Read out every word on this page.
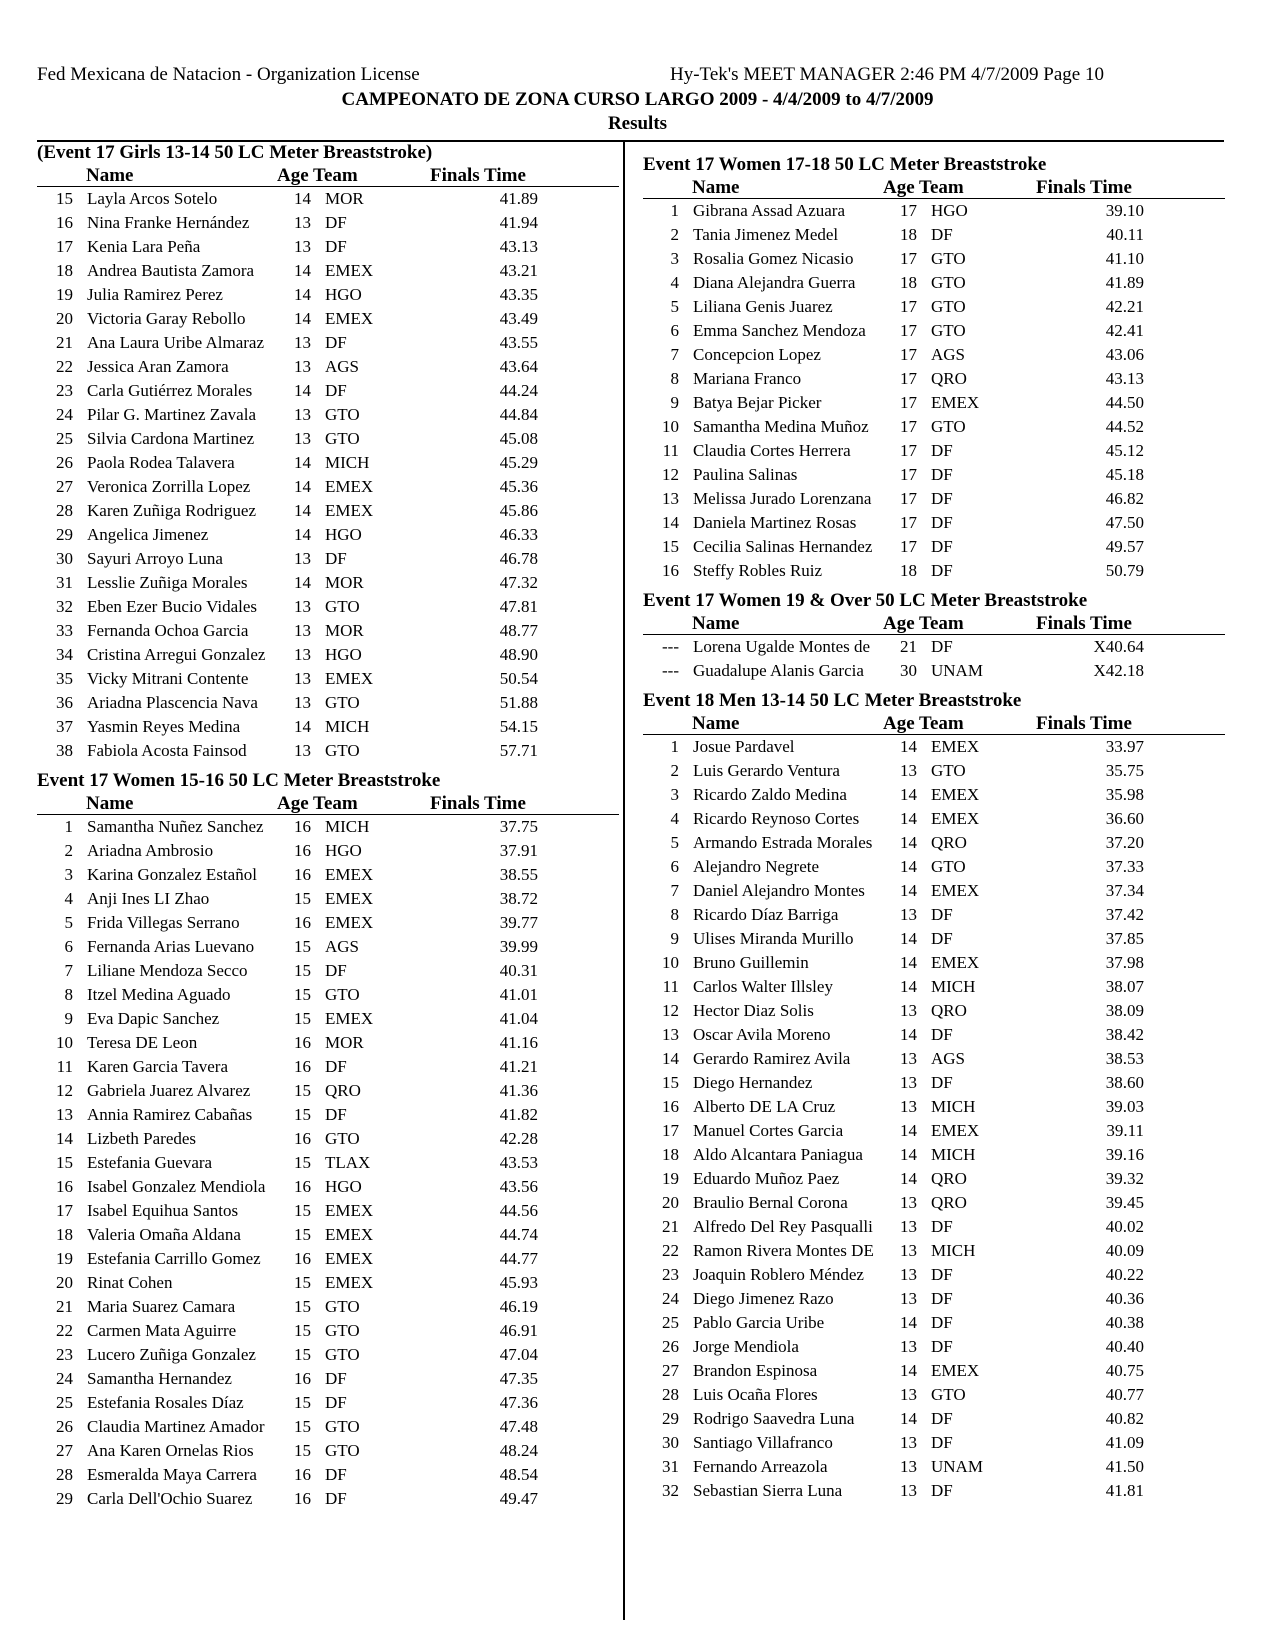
Fed Mexicana de Natacion - Organization License	Hy-Tek's MEET MANAGER 2:46 PM 4/7/2009 Page 10
CAMPEONATO DE ZONA CURSO LARGO 2009 - 4/4/2009 to 4/7/2009
Results
(Event 17 Girls 13-14 50 LC Meter Breaststroke)
Name	Age Team	Finals Time
15 Layla Arcos Sotelo	14 MOR	41.89
16 Nina Franke Hernández	13 DF	41.94
17 Kenia Lara Peña	13 DF	43.13
18 Andrea Bautista Zamora 14 EMEX	43.21
19 Julia Ramirez Perez	14 HGO	43.35
20 Victoria Garay Rebollo	14 EMEX	43.49
21 Ana Laura Uribe Almaraz 13 DF	43.55
22 Jessica Aran Zamora	13 AGS	43.64
23 Carla Gutiérrez Morales 14 DF	44.24
24 Pilar G. Martinez Zavala 13 GTO	44.84
25 Silvia Cardona Martinez 13 GTO	45.08
26 Paola Rodea Talavera	14 MICH	45.29
27 Veronica Zorrilla Lopez	14 EMEX	45.36
28 Karen Zuñiga Rodriguez 14 EMEX	45.86
29 Angelica Jimenez	14 HGO	46.33
30 Sayuri Arroyo Luna	13 DF	46.78
31 Lesslie Zuñiga Morales	14 MOR	47.32
32 Eben Ezer Bucio Vidales 13 GTO	47.81
33 Fernanda Ochoa Garcia	13 MOR	48.77
34 Cristina Arregui Gonzalez 13 HGO	48.90
35 Vicky Mitrani Contente	13 EMEX	50.54
36 Ariadna Plascencia Nava 13 GTO	51.88
37 Yasmin Reyes Medina	14 MICH	54.15
38 Fabiola Acosta Fainsod	13 GTO	57.71
Event 17 Women 15-16 50 LC Meter Breaststroke
Name	Age Team	Finals Time
1 Samantha Nuñez Sanchez 16 MICH	37.75
2 Ariadna Ambrosio	16 HGO	37.91
3 Karina Gonzalez Estañol 16 EMEX	38.55
4 Anji Ines LI Zhao	15 EMEX	38.72
5 Frida Villegas Serrano	16 EMEX	39.77
6 Fernanda Arias Luevano 15 AGS	39.99
7 Liliane Mendoza Secco	15 DF	40.31
8 Itzel Medina Aguado	15 GTO	41.01
9 Eva Dapic Sanchez	15 EMEX	41.04
10 Teresa DE Leon	16 MOR	41.16
11 Karen Garcia Tavera	16 DF	41.21
12 Gabriela Juarez Alvarez	15 QRO	41.36
13 Annia Ramirez Cabañas 15 DF	41.82
14 Lizbeth Paredes	16 GTO	42.28
15 Estefania Guevara	15 TLAX	43.53
16 Isabel Gonzalez Mendiola 16 HGO	43.56
17 Isabel Equihua Santos	15 EMEX	44.56
18 Valeria Omaña Aldana	15 EMEX	44.74
19 Estefania Carrillo Gomez 16 EMEX	44.77
20 Rinat Cohen	15 EMEX	45.93
21 Maria Suarez Camara	15 GTO	46.19
22 Carmen Mata Aguirre	15 GTO	46.91
23 Lucero Zuñiga Gonzalez 15 GTO	47.04
24 Samantha Hernandez	16 DF	47.35
25 Estefania Rosales Díaz	15 DF	47.36
26 Claudia Martinez Amador 15 GTO	47.48
27 Ana Karen Ornelas Rios 15 GTO	48.24
28 Esmeralda Maya Carrera 16 DF	48.54
29 Carla Dell'Ochio Suarez 16 DF	49.47
Event 17 Women 17-18 50 LC Meter Breaststroke
Name	Age Team	Finals Time
1 Gibrana Assad Azuara	17 HGO	39.10
2 Tania Jimenez Medel	18 DF	40.11
3 Rosalia Gomez Nicasio	17 GTO	41.10
4 Diana Alejandra Guerra	18 GTO	41.89
5 Liliana Genis Juarez	17 GTO	42.21
6 Emma Sanchez Mendoza 17 GTO	42.41
7 Concepcion Lopez	17 AGS	43.06
8 Mariana Franco	17 QRO	43.13
9 Batya Bejar Picker	17 EMEX	44.50
10 Samantha Medina Muñoz 17 GTO	44.52
11 Claudia Cortes Herrera	17 DF	45.12
12 Paulina Salinas	17 DF	45.18
13 Melissa Jurado Lorenzana 17 DF	46.82
14 Daniela Martinez Rosas	17 DF	47.50
15 Cecilia Salinas Hernandez 17 DF	49.57
16 Steffy Robles Ruiz	18 DF	50.79
Event 17 Women 19 & Over 50 LC Meter Breaststroke
Name	Age Team	Finals Time
--- Lorena Ugalde Montes de 21 DF	X40.64
--- Guadalupe Alanis Garcia 30 UNAM	X42.18
Event 18 Men 13-14 50 LC Meter Breaststroke
Name	Age Team	Finals Time
1 Josue Pardavel	14 EMEX	33.97
2 Luis Gerardo Ventura	13 GTO	35.75
3 Ricardo Zaldo Medina	14 EMEX	35.98
4 Ricardo Reynoso Cortes 14 EMEX	36.60
5 Armando Estrada Morales 14 QRO	37.20
6 Alejandro Negrete	14 GTO	37.33
7 Daniel Alejandro Montes 14 EMEX	37.34
8 Ricardo Díaz Barriga	13 DF	37.42
9 Ulises Miranda Murillo	14 DF	37.85
10 Bruno Guillemin	14 EMEX	37.98
11 Carlos Walter Illsley	14 MICH	38.07
12 Hector Diaz Solis	13 QRO	38.09
13 Oscar Avila Moreno	14 DF	38.42
14 Gerardo Ramirez Avila	13 AGS	38.53
15 Diego Hernandez	13 DF	38.60
16 Alberto DE LA Cruz	13 MICH	39.03
17 Manuel Cortes Garcia	14 EMEX	39.11
18 Aldo Alcantara Paniagua 14 MICH	39.16
19 Eduardo Muñoz Paez	14 QRO	39.32
20 Braulio Bernal Corona	13 QRO	39.45
21 Alfredo Del Rey Pasqualli 13 DF	40.02
22 Ramon Rivera Montes DE 13 MICH	40.09
23 Joaquin Roblero Méndez 13 DF	40.22
24 Diego Jimenez Razo	13 DF	40.36
25 Pablo Garcia Uribe	14 DF	40.38
26 Jorge Mendiola	13 DF	40.40
27 Brandon Espinosa	14 EMEX	40.75
28 Luis Ocaña Flores	13 GTO	40.77
29 Rodrigo Saavedra Luna	14 DF	40.82
30 Santiago Villafranco	13 DF	41.09
31 Fernando Arreazola	13 UNAM	41.50
32 Sebastian Sierra Luna	13 DF	41.81
